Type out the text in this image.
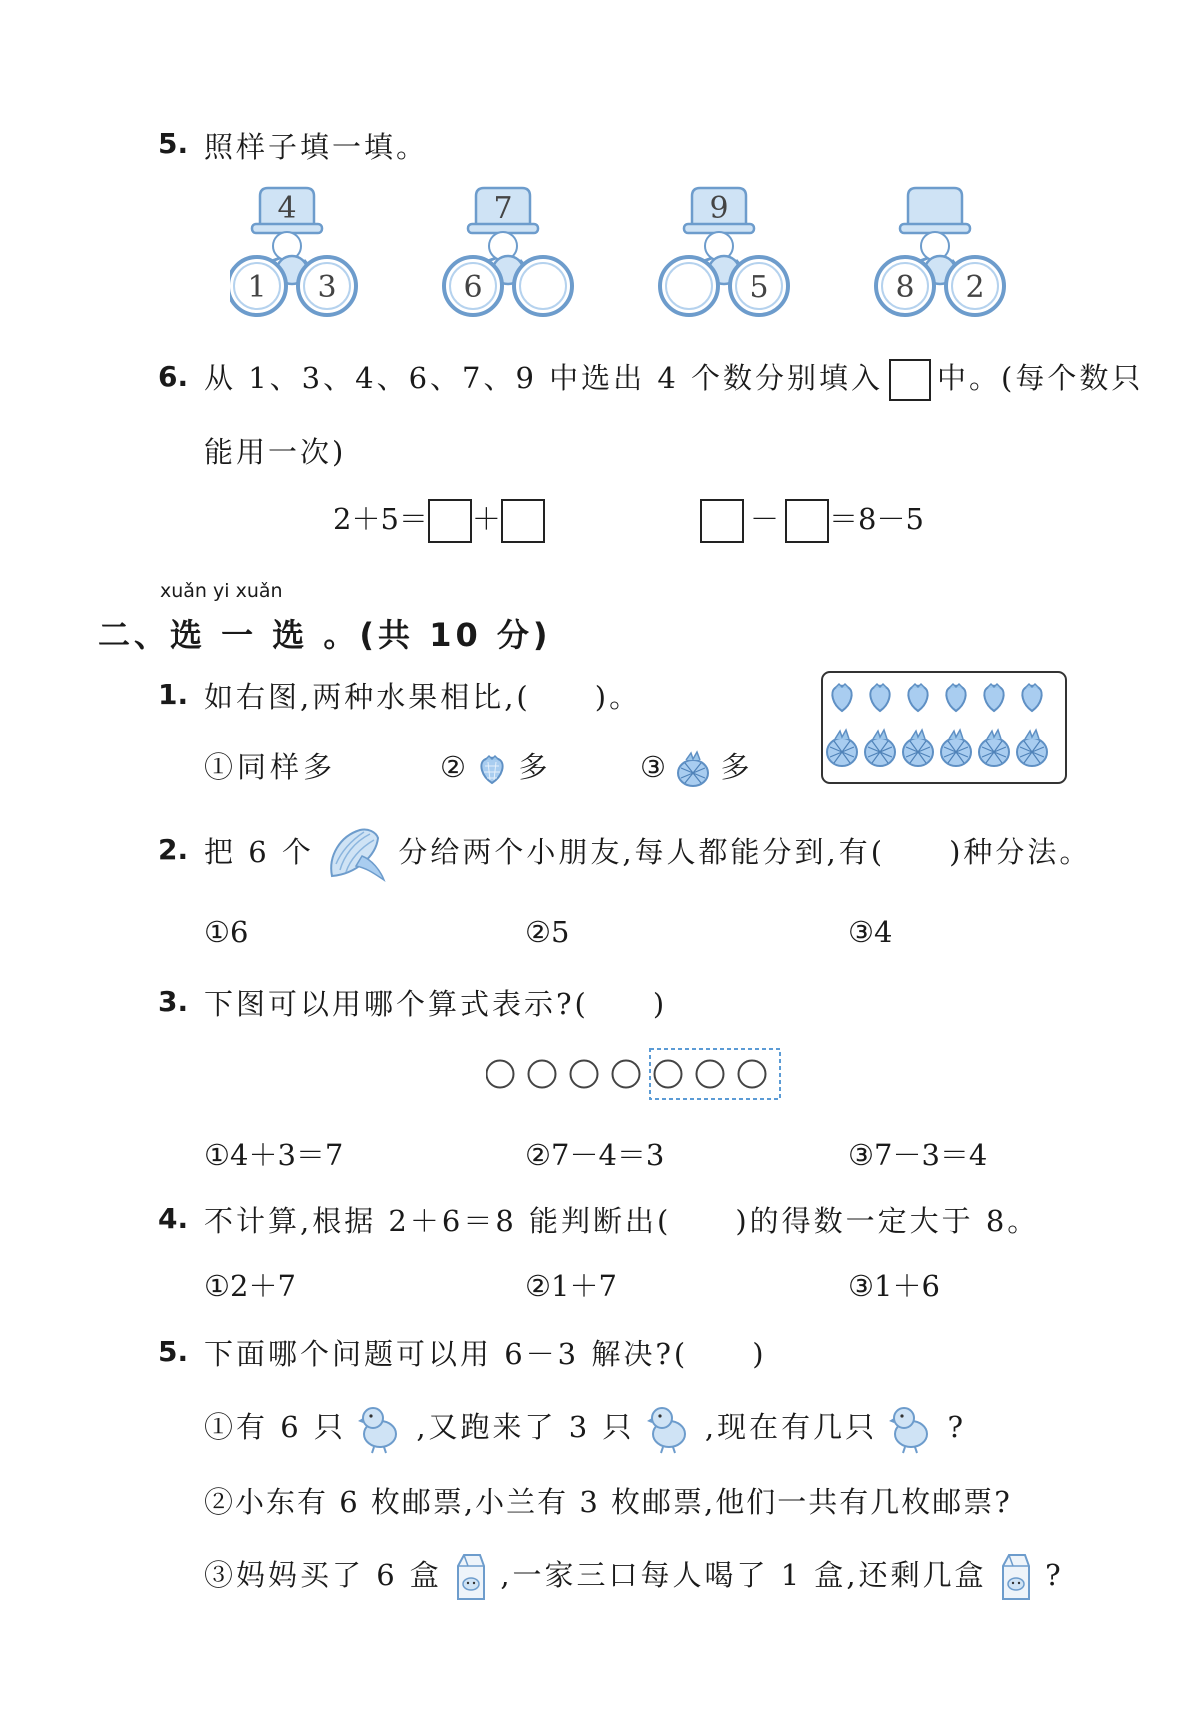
5. 照样子填一填。
4
1 3
7
6
9
5	8 2
6. 从 1、3、4、6、7、9 中选出 4 个数分别填入 中。(每个数只
能用一次)
2＋5＝ ＋	－ ＝8－5
xuǎn yi xuǎn
二、选 一 选 。(共 10 分)
1. 如右图,两种水果相比,(　　)。
①同样多	② 多	③ 多
2. 把 6 个	分给两个小朋友,每人都能分到,有(　　)种分法。
①6	②5	③4
3. 下图可以用哪个算式表示?(　　)
①4＋3＝7	②7－4＝3	③7－3＝4
4. 不计算,根据 2＋6＝8 能判断出(　　)的得数一定大于 8。
①2＋7	②1＋7	③1＋6
5. 下面哪个问题可以用 6－3 解决?(　　)
①有 6 只 ,又跑来了 3 只 ,现在有几只 ?
②小东有 6 枚邮票,小兰有 3 枚邮票,他们一共有几枚邮票?
③妈妈买了 6 盒 ,一家三口每人喝了 1 盒,还剩几盒 ?
